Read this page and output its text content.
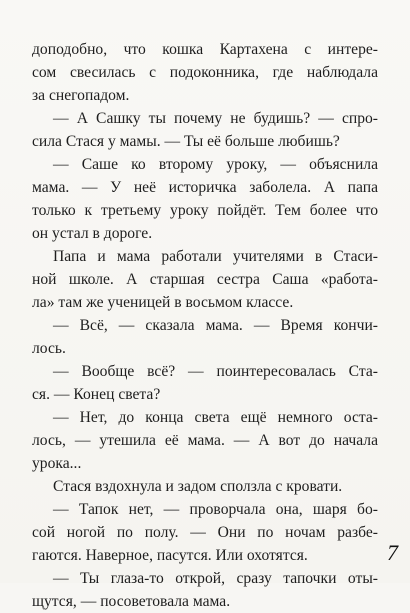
доподобно, что кошка Картахена с интере-
сом свесилась с подоконника, где наблюдала
за снегопадом.
— А Сашку ты почему не будишь? — спро-
сила Стася у мамы. — Ты её больше любишь?
— Саше ко второму уроку, — объяснила
мама. — У неё историчка заболела. А папа
только к третьему уроку пойдёт. Тем более что
он устал в дороге.
Папа и мама работали учителями в Стаси-
ной школе. А старшая сестра Саша «работа-
ла» там же ученицей в восьмом классе.
— Всё, — сказала мама. — Время кончи-
лось.
— Вообще всё? — поинтересовалась Ста-
ся. — Конец света?
— Нет, до конца света ещё немного оста-
лось, — утешила её мама. — А вот до начала
урока...
Стася вздохнула и задом сползла с кровати.
— Тапок нет, — проворчала она, шаря бо-
сой ногой по полу. — Они по ночам разбе-
гаются. Наверное, пасутся. Или охотятся.
— Ты глаза-то открой, сразу тапочки оты-
щутся, — посоветовала мама.
7
